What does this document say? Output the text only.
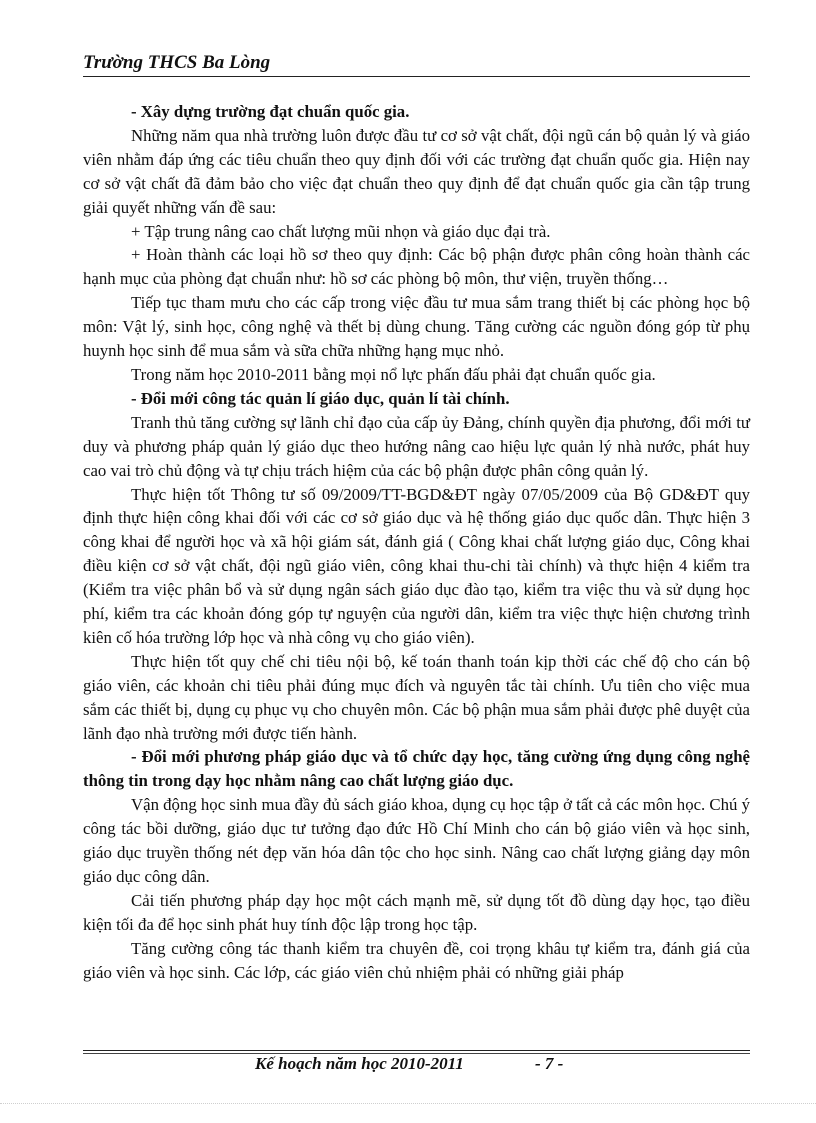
Trường THCS Ba Lòng

- Xây dựng trường đạt chuẩn quốc gia.

Những năm qua nhà trường luôn được đầu tư cơ sở vật chất, đội ngũ cán bộ quản lý và giáo viên nhằm đáp ứng các tiêu chuẩn theo quy định đối với các trường đạt chuẩn quốc gia. Hiện nay cơ sở vật chất đã đảm bảo cho việc đạt chuẩn theo quy định để đạt chuẩn quốc gia cần tập trung giải quyết những vấn đề sau:

+ Tập trung nâng cao chất lượng mũi nhọn và giáo dục đại trà.

+ Hoàn thành các loại hồ sơ theo quy định: Các bộ phận được phân công hoàn thành các hạnh mục của phòng đạt chuẩn như: hồ sơ các phòng bộ môn, thư viện, truyền thống…

Tiếp tục tham mưu cho các cấp trong việc đầu tư mua sắm trang thiết bị các phòng học bộ môn: Vật lý, sinh học, công nghệ và thết bị dùng chung. Tăng cường các nguồn đóng góp từ phụ huynh học sinh để mua sắm và sữa chữa những hạng mục nhỏ.

Trong năm học 2010-2011 bằng mọi nổ lực phấn đấu phải đạt chuẩn quốc gia.

- Đổi mới công tác quản lí giáo dục, quản lí tài chính.

Tranh thủ tăng cường sự lãnh chỉ đạo của cấp ủy Đảng, chính quyền địa phương, đổi mới tư duy và phương pháp quản lý giáo dục theo hướng nâng cao hiệu lực quản lý nhà nước, phát huy cao vai trò chủ động và tự chịu trách hiệm của các bộ phận được phân công quản lý.

Thực hiện tốt Thông tư số 09/2009/TT-BGD&ĐT ngày 07/05/2009 của Bộ GD&ĐT quy định thực hiện công khai đối với các cơ sở giáo dục và hệ thống giáo dục quốc dân. Thực hiện 3 công khai để người học và xã hội giám sát, đánh giá ( Công khai chất lượng giáo dục, Công khai điều kiện cơ sở vật chất, đội ngũ giáo viên, công khai thu-chi tài chính) và thực hiện 4 kiểm tra (Kiểm tra việc phân bổ và sử dụng ngân sách giáo dục đào tạo, kiểm tra việc thu và sử dụng học phí, kiểm tra các khoản đóng góp tự nguyện của người dân, kiểm tra việc thực hiện chương trình kiên cố hóa trường lớp học và nhà công vụ cho giáo viên).

Thực hiện tốt quy chế chi tiêu nội bộ, kế toán thanh toán kịp thời các chế độ cho cán bộ giáo viên, các khoản chi tiêu phải đúng mục đích và nguyên tắc tài chính. Ưu tiên cho việc mua sắm các thiết bị, dụng cụ phục vụ cho chuyên môn. Các bộ phận mua sắm phải được phê duyệt của lãnh đạo nhà trường mới được tiến hành.

- Đổi mới phương pháp giáo dục và tổ chức dạy học, tăng cường ứng dụng công nghệ thông tin trong dạy học nhằm nâng cao chất lượng giáo dục.

Vận động học sinh mua đầy đủ sách giáo khoa, dụng cụ học tập ở tất cả các môn học. Chú ý công tác bồi dưỡng, giáo dục tư tưởng đạo đức Hồ Chí Minh cho cán bộ giáo viên và học sinh, giáo dục truyền thống nét đẹp văn hóa dân tộc cho học sinh. Nâng cao chất lượng giảng dạy môn giáo dục công dân.

Cải tiến phương pháp dạy học một cách mạnh mẽ, sử dụng tốt đồ dùng dạy học, tạo điều kiện tối đa để học sinh phát huy tính độc lập trong học tập.

Tăng cường công tác thanh kiểm tra chuyên đề, coi trọng khâu tự kiểm tra, đánh giá của giáo viên và học sinh. Các lớp, các giáo viên chủ nhiệm phải có những giải pháp

Kế hoạch năm học 2010-2011	- 7 -
